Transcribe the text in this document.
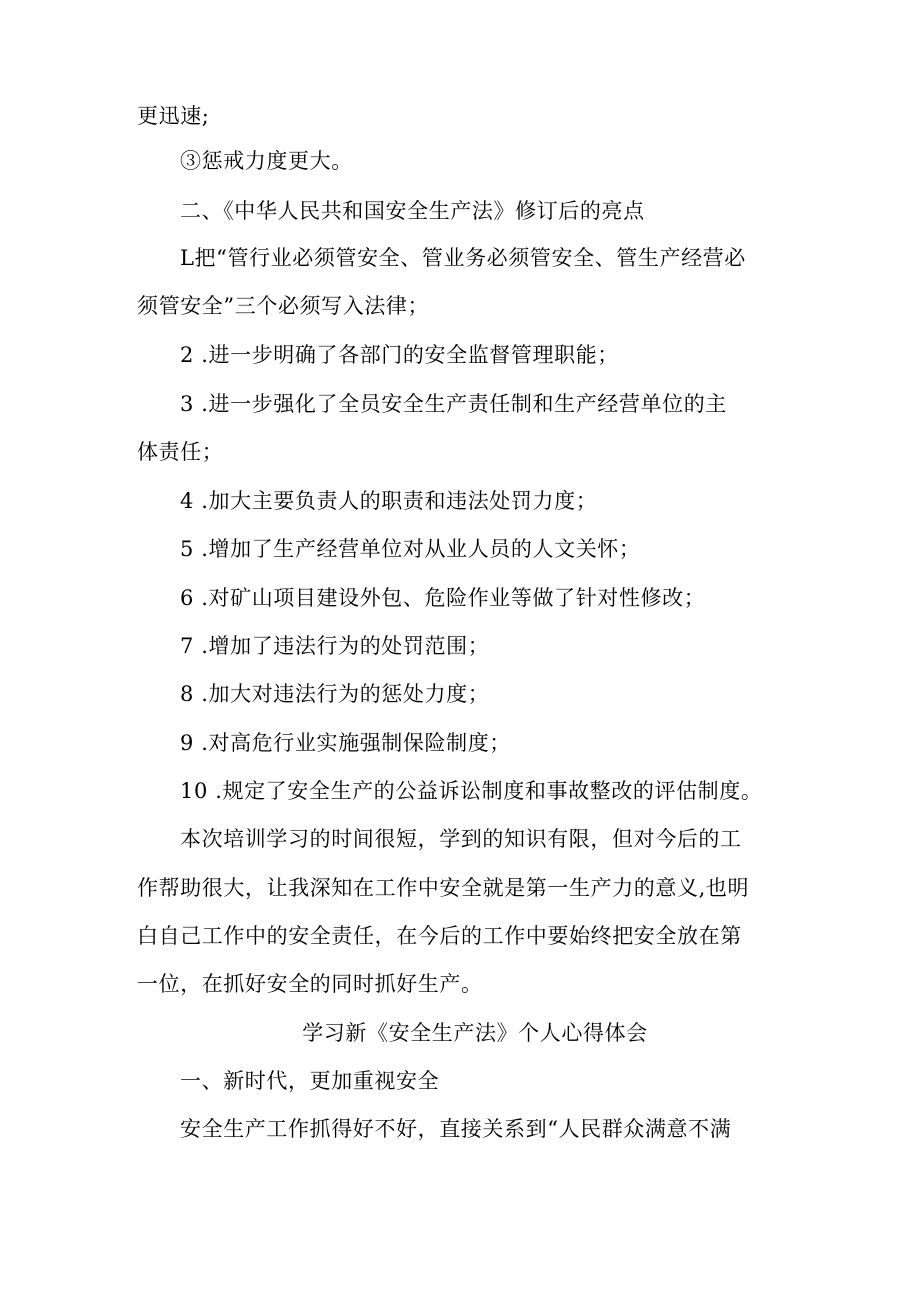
更迅速;
③惩戒力度更大。
二、《中华人民共和国安全生产法》修订后的亮点
L把“管行业必须管安全、管业务必须管安全、管生产经营必
须管安全”三个必须写入法律；
2 .进一步明确了各部门的安全监督管理职能；
3 .进一步强化了全员安全生产责任制和生产经营单位的主
体责任；
4 .加大主要负责人的职责和违法处罚力度；
5 .增加了生产经营单位对从业人员的人文关怀；
6 .对矿山项目建设外包、危险作业等做了针对性修改；
7 .增加了违法行为的处罚范围；
8 .加大对违法行为的惩处力度；
9 .对高危行业实施强制保险制度；
10 .规定了安全生产的公益诉讼制度和事故整改的评估制度。
本次培训学习的时间很短，学到的知识有限，但对今后的工
作帮助很大，让我深知在工作中安全就是第一生产力的意义,也明
白自己工作中的安全责任，在今后的工作中要始终把安全放在第
一位，在抓好安全的同时抓好生产。
学习新《安全生产法》个人心得体会
一、新时代，更加重视安全
安全生产工作抓得好不好，直接关系到“人民群众满意不满
